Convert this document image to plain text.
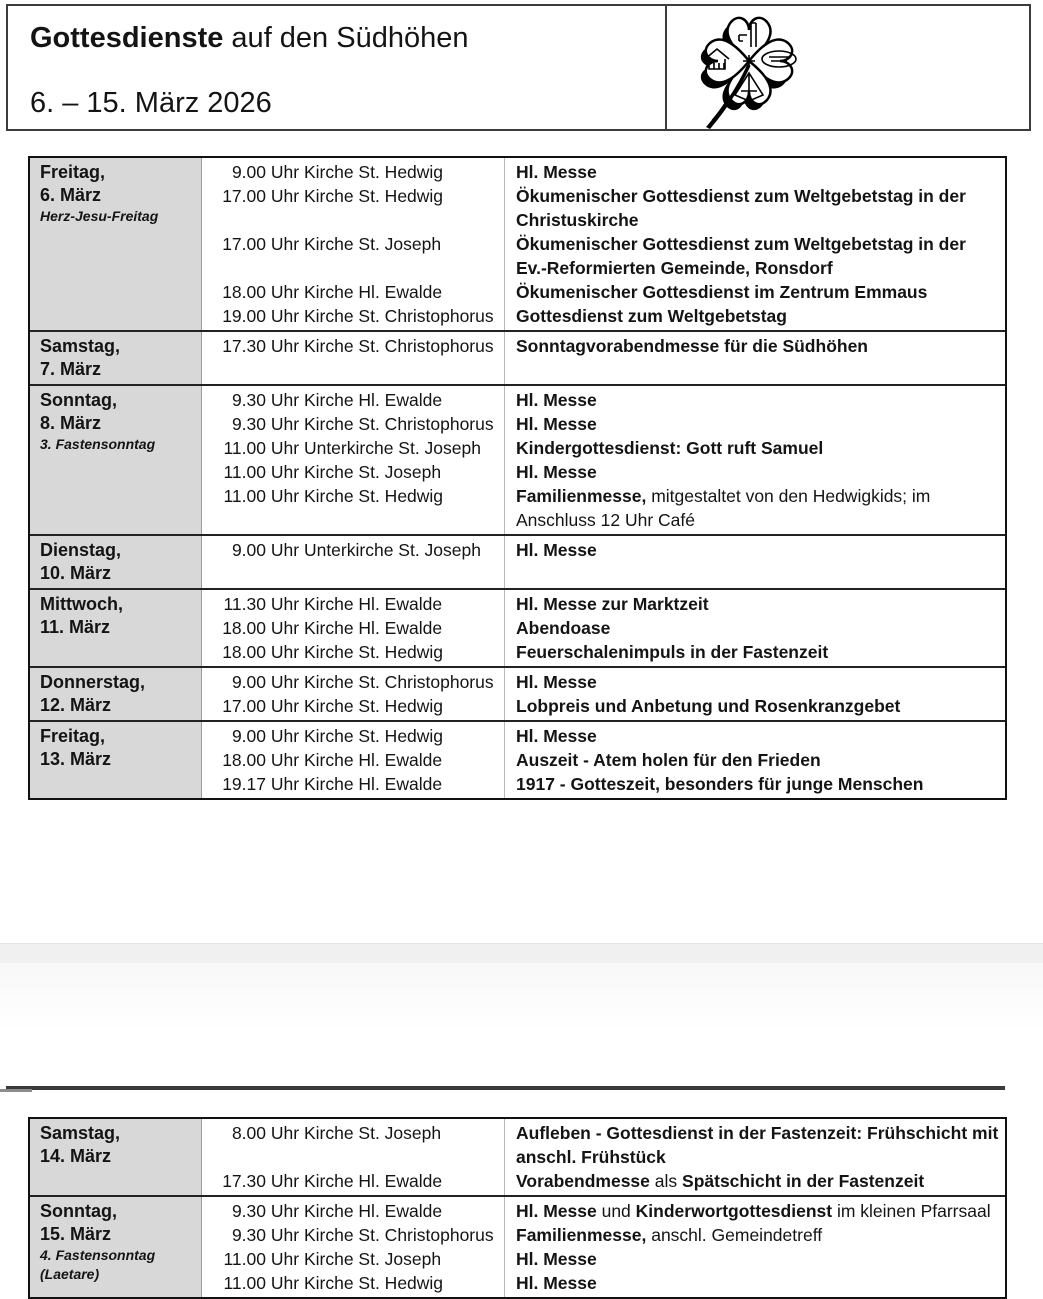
Gottesdienste auf den Südhöhen
6. – 15. März 2026
Freitag,
6. März
Herz-Jesu-Freitag
9.00 Uhr Kirche St. Hedwig	Hl. Messe
17.00 Uhr Kirche St. Hedwig	Ökumenischer Gottesdienst zum Weltgebetstag in der Christuskirche
17.00 Uhr Kirche St. Joseph	Ökumenischer Gottesdienst zum Weltgebetstag in der Ev.-Reformierten Gemeinde, Ronsdorf
18.00 Uhr Kirche Hl. Ewalde	Ökumenischer Gottesdienst im Zentrum Emmaus
19.00 Uhr Kirche St. Christophorus	Gottesdienst zum Weltgebetstag
Samstag,
7. März
17.30 Uhr Kirche St. Christophorus	Sonntagvorabendmesse für die Südhöhen
Sonntag,
8. März
3. Fastensonntag
9.30 Uhr Kirche Hl. Ewalde	Hl. Messe
9.30 Uhr Kirche St. Christophorus	Hl. Messe
11.00 Uhr Unterkirche St. Joseph	Kindergottesdienst: Gott ruft Samuel
11.00 Uhr Kirche St. Joseph	Hl. Messe
11.00 Uhr Kirche St. Hedwig	Familienmesse, mitgestaltet von den Hedwigkids; im Anschluss 12 Uhr Café
Dienstag,
10. März
9.00 Uhr Unterkirche St. Joseph	Hl. Messe
Mittwoch,
11. März
11.30 Uhr Kirche Hl. Ewalde	Hl. Messe zur Marktzeit
18.00 Uhr Kirche Hl. Ewalde	Abendoase
18.00 Uhr Kirche St. Hedwig	Feuerschalenimpuls in der Fastenzeit
Donnerstag,
12. März
9.00 Uhr Kirche St. Christophorus	Hl. Messe
17.00 Uhr Kirche St. Hedwig	Lobpreis und Anbetung und Rosenkranzgebet
Freitag,
13. März
9.00 Uhr Kirche St. Hedwig	Hl. Messe
18.00 Uhr Kirche Hl. Ewalde	Auszeit - Atem holen für den Frieden
19.17 Uhr Kirche Hl. Ewalde	1917 - Gotteszeit, besonders für junge Menschen
Samstag,
14. März
8.00 Uhr Kirche St. Joseph	Aufleben - Gottesdienst in der Fastenzeit: Frühschicht mit anschl. Frühstück
17.30 Uhr Kirche Hl. Ewalde	Vorabendmesse als Spätschicht in der Fastenzeit
Sonntag,
15. März
4. Fastensonntag
(Laetare)
9.30 Uhr Kirche Hl. Ewalde	Hl. Messe und Kinderwortgottesdienst im kleinen Pfarrsaal
9.30 Uhr Kirche St. Christophorus	Familienmesse, anschl. Gemeindetreff
11.00 Uhr Kirche St. Joseph	Hl. Messe
11.00 Uhr Kirche St. Hedwig	Hl. Messe
